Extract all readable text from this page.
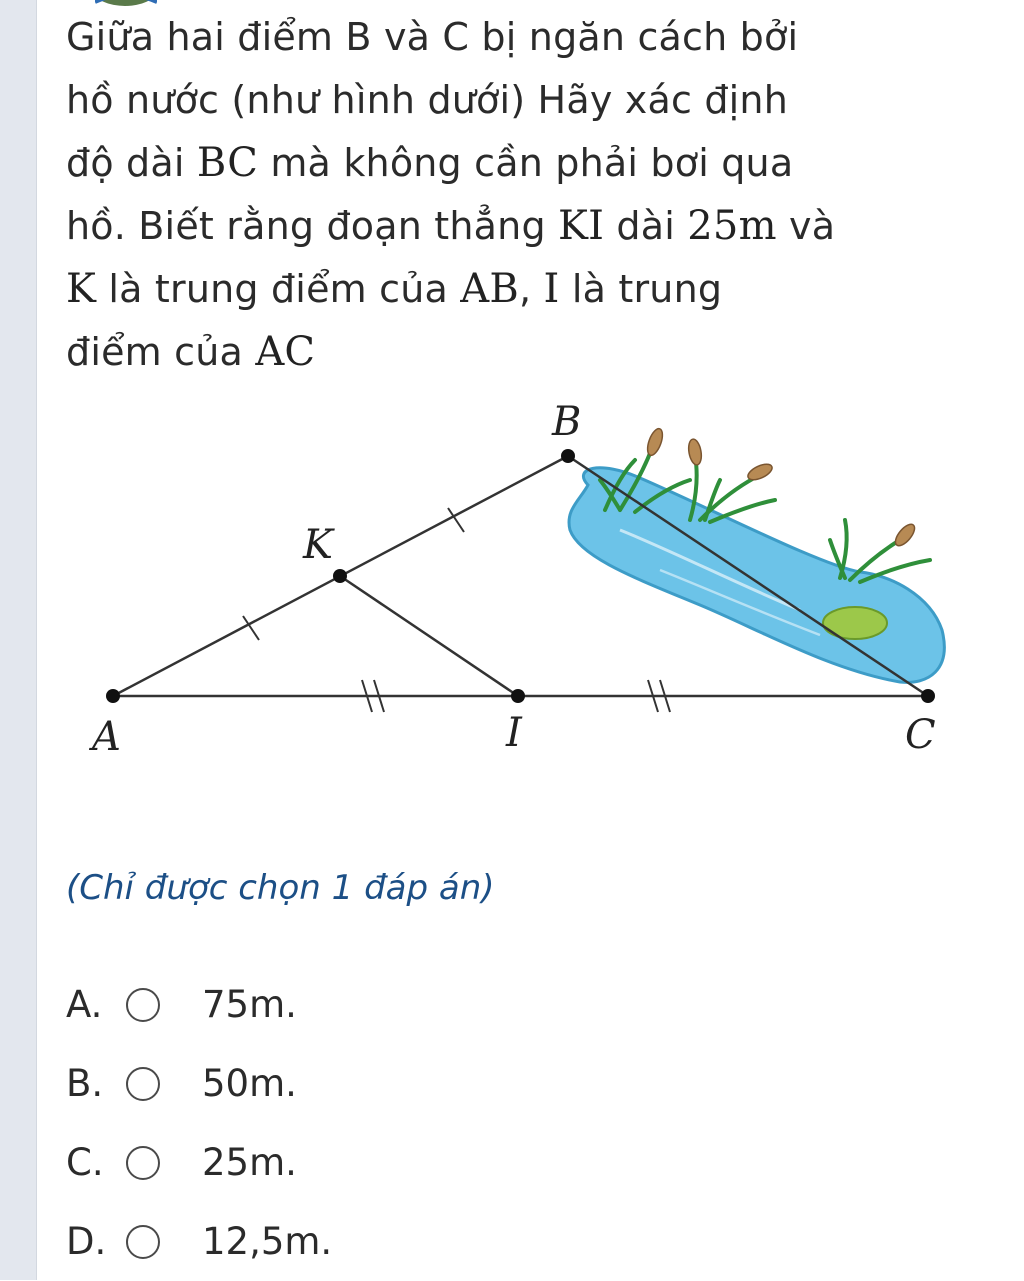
Giữa hai điểm B và C bị ngăn cách bởi
hồ nước (như hình dưới) Hãy xác định
độ dài BC mà không cần phải bơi qua
hồ. Biết rằng đoạn thẳng KI dài 25m và
K là trung điểm của AB, I là trung
điểm của AC
B
K
A	I	C
(Chỉ được chọn 1 đáp án)
A.	75m.
B.	50m.
C.	25m.
D.	12,5m.
